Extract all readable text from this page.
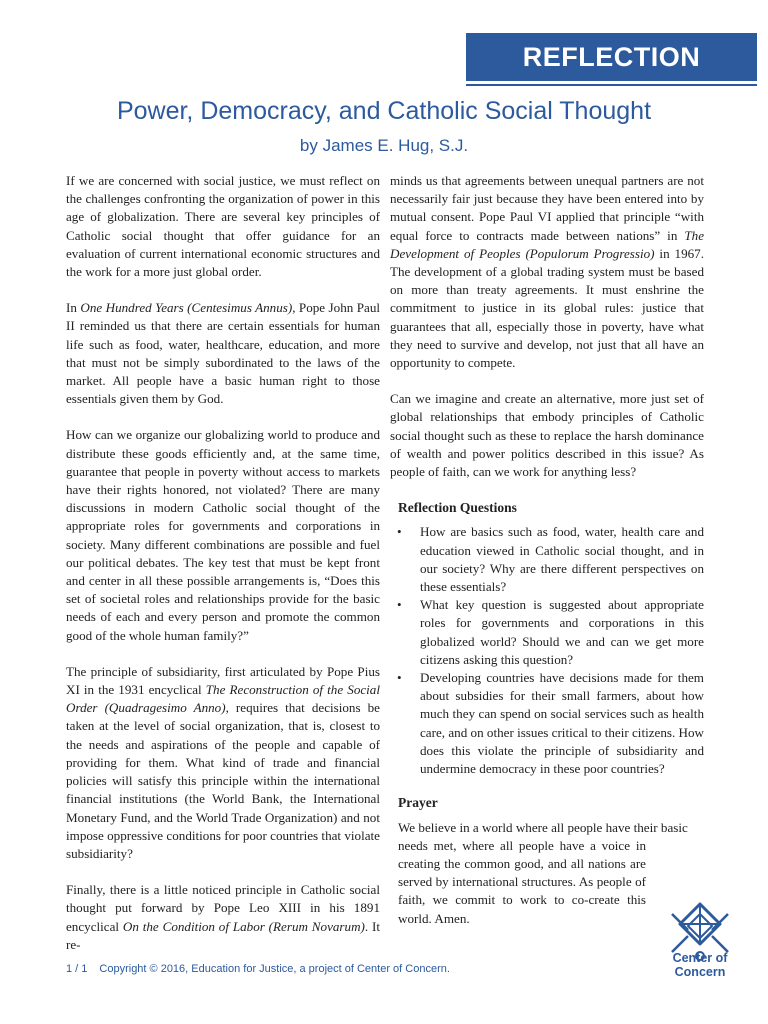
REFLECTION
Power, Democracy, and Catholic Social Thought
by James E. Hug, S.J.

If we are concerned with social justice, we must reflect on the challenges confronting the organization of power in this age of globalization. There are several key principles of Catholic social thought that offer guidance for an evaluation of current international economic structures and the work for a more just global order.

In One Hundred Years (Centesimus Annus), Pope John Paul II reminded us that there are certain essentials for human life such as food, water, healthcare, education, and more that must not be simply subordinated to the laws of the market. All people have a basic human right to those essentials given them by God.

How can we organize our globalizing world to produce and distribute these goods efficiently and, at the same time, guarantee that people in poverty without access to markets have their rights honored, not violated? There are many discussions in modern Catholic social thought of the appropriate roles for governments and corporations in society. Many different combinations are possible and fuel our political debates. The key test that must be kept front and center in all these possible arrangements is, “Does this set of societal roles and relationships provide for the basic needs of each and every person and promote the common good of the whole human family?”

The principle of subsidiarity, first articulated by Pope Pius XI in the 1931 encyclical The Reconstruction of the Social Order (Quadragesimo Anno), requires that decisions be taken at the level of social organization, that is, closest to the needs and aspirations of the people and capable of providing for them. What kind of trade and financial policies will satisfy this principle within the international financial institutions (the World Bank, the International Monetary Fund, and the World Trade Organization) and not impose oppressive conditions for poor countries that violate subsidiarity?

Finally, there is a little noticed principle in Catholic social thought put forward by Pope Leo XIII in his 1891 encyclical On the Condition of Labor (Rerum Novarum). It re-

minds us that agreements between unequal partners are not necessarily fair just because they have been entered into by mutual consent. Pope Paul VI applied that principle “with equal force to contracts made between nations” in The Development of Peoples (Populorum Progressio) in 1967. The development of a global trading system must be based on more than treaty agreements. It must enshrine the commitment to justice in its global rules: justice that guarantees that all, especially those in poverty, have what they need to survive and develop, not just that all have an opportunity to compete.

Can we imagine and create an alternative, more just set of global relationships that embody principles of Catholic social thought such as these to replace the harsh dominance of wealth and power politics described in this issue? As people of faith, can we work for anything less?

Reflection Questions
• How are basics such as food, water, health care and education viewed in Catholic social thought, and in our society? Why are there different perspectives on these essentials?
• What key question is suggested about appropriate roles for governments and corporations in this globalized world? Should we and can we get more citizens asking this question?
• Developing countries have decisions made for them about subsidies for their small farmers, about how much they can spend on social services such as health care, and on other issues critical to their citizens. How does this violate the principle of subsidiarity and undermine democracy in these poor countries?
Prayer

We believe in a world where all people have their basic
needs met, where all people have a voice in creating the common good, and all nations are served by international structures. As people of faith, we commit to work to co-create this world. Amen.

Center of
Concern
1 / 1 Copyright © 2016, Education for Justice, a project of Center of Concern.
